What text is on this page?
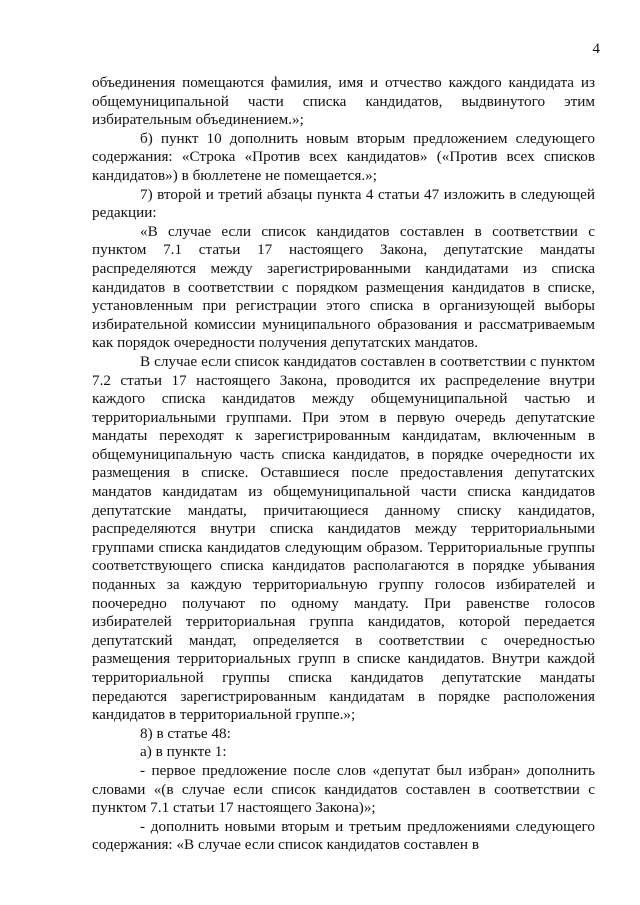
4

объединения помещаются фамилия, имя и отчество каждого кандидата из общемуниципальной части списка кандидатов, выдвинутого этим избирательным объединением.»;

б) пункт 10 дополнить новым вторым предложением следующего содержания: «Строка «Против всех кандидатов» («Против всех списков кандидатов») в бюллетене не помещается.»;

7) второй и третий абзацы пункта 4 статьи 47 изложить в следующей редакции:

«В случае если список кандидатов составлен в соответствии с пунктом 7.1 статьи 17 настоящего Закона, депутатские мандаты распределяются между зарегистрированными кандидатами из списка кандидатов в соответствии с порядком размещения кандидатов в списке, установленным при регистрации этого списка в организующей выборы избирательной комиссии муниципального образования и рассматриваемым как порядок очередности получения депутатских мандатов.

В случае если список кандидатов составлен в соответствии с пунктом 7.2 статьи 17 настоящего Закона, проводится их распределение внутри каждого списка кандидатов между общемуниципальной частью и территориальными группами. При этом в первую очередь депутатские мандаты переходят к зарегистрированным кандидатам, включенным в общемуниципальную часть списка кандидатов, в порядке очередности их размещения в списке. Оставшиеся после предоставления депутатских мандатов кандидатам из общемуниципальной части списка кандидатов депутатские мандаты, причитающиеся данному списку кандидатов, распределяются внутри списка кандидатов между территориальными группами списка кандидатов следующим образом. Территориальные группы соответствующего списка кандидатов располагаются в порядке убывания поданных за каждую территориальную группу голосов избирателей и поочередно получают по одному мандату. При равенстве голосов избирателей территориальная группа кандидатов, которой передается депутатский мандат, определяется в соответствии с очередностью размещения территориальных групп в списке кандидатов. Внутри каждой территориальной группы списка кандидатов депутатские мандаты передаются зарегистрированным кандидатам в порядке расположения кандидатов в территориальной группе.»;

8) в статье 48:

а) в пункте 1:

- первое предложение после слов «депутат был избран» дополнить словами «(в случае если список кандидатов составлен в соответствии с пунктом 7.1 статьи 17 настоящего Закона)»;

- дополнить новыми вторым и третьим предложениями следующего содержания: «В случае если список кандидатов составлен в
